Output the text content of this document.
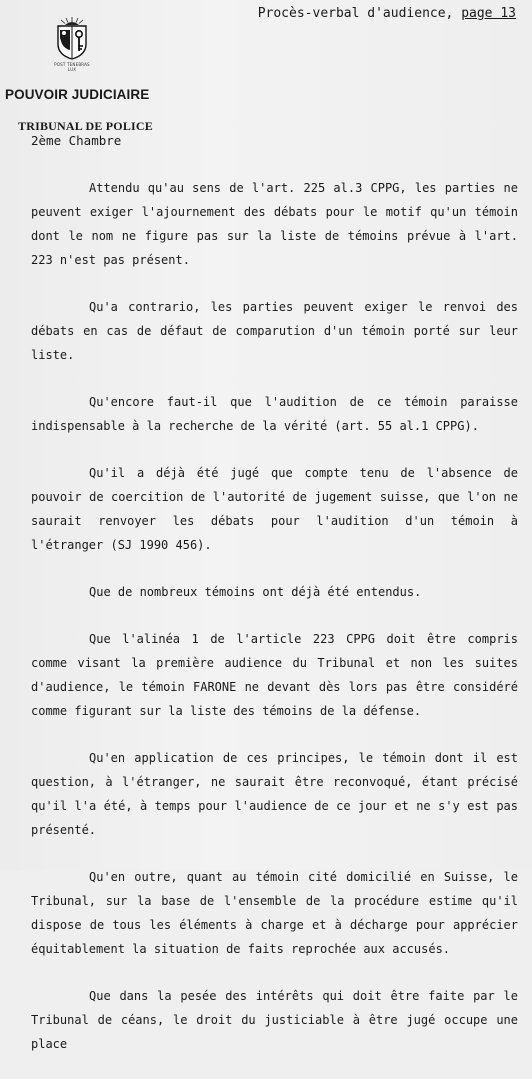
Procès-verbal d'audience, page 13
POST TENEBRAS LUX
POUVOIR JUDICIAIRE
TRIBUNAL DE POLICE
2ème Chambre

Attendu qu'au sens de l'art. 225 al.3 CPPG, les parties ne peuvent exiger l'ajournement des débats pour le motif qu'un témoin dont le nom ne figure pas sur la liste de témoins prévue à l'art. 223 n'est pas présent.

Qu'a contrario, les parties peuvent exiger le renvoi des débats en cas de défaut de comparution d'un témoin porté sur leur liste.

Qu'encore faut-il que l'audition de ce témoin paraisse indispensable à la recherche de la vérité (art. 55 al.1 CPPG).

Qu'il a déjà été jugé que compte tenu de l'absence de pouvoir de coercition de l'autorité de jugement suisse, que l'on ne saurait renvoyer les débats pour l'audition d'un témoin à l'étranger (SJ 1990 456).

Que de nombreux témoins ont déjà été entendus.

Que l'alinéa 1 de l'article 223 CPPG doit être compris comme visant la première audience du Tribunal et non les suites d'audience, le témoin FARONE ne devant dès lors pas être considéré comme figurant sur la liste des témoins de la défense.

Qu'en application de ces principes, le témoin dont il est question, à l'étranger, ne saurait être reconvoqué, étant précisé qu'il l'a été, à temps pour l'audience de ce jour et ne s'y est pas présenté.

Qu'en outre, quant au témoin cité domicilié en Suisse, le Tribunal, sur la base de l'ensemble de la procédure estime qu'il dispose de tous les éléments à charge et à décharge pour apprécier équitablement la situation de faits reprochée aux accusés.

Que dans la pesée des intérêts qui doit être faite par le Tribunal de céans, le droit du justiciable à être jugé occupe une place
